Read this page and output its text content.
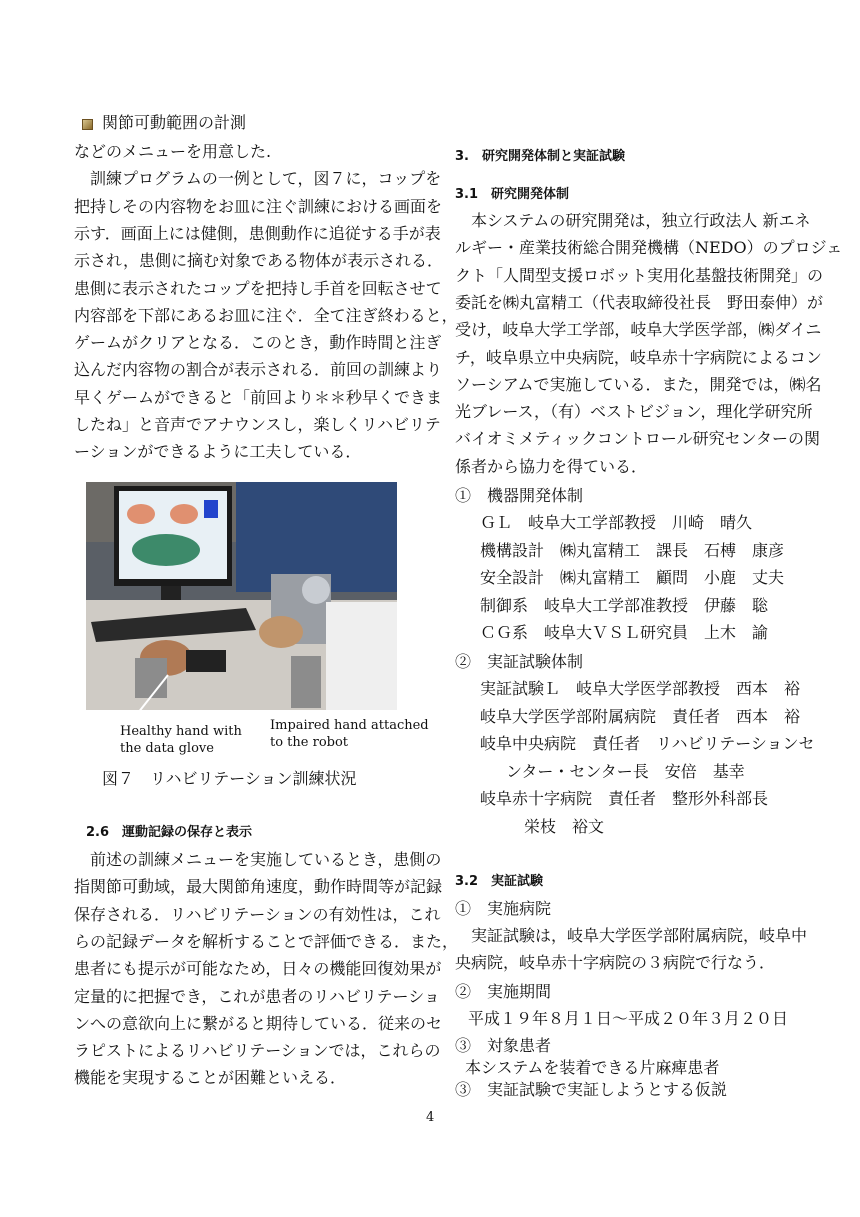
関節可動範囲の計測
などのメニューを用意した.
　訓練プログラムの一例として，図７に，コップを
把持しその内容物をお皿に注ぐ訓練における画面を
示す．画面上には健側，患側動作に追従する手が表
示され，患側に摘む対象である物体が表示される．
患側に表示されたコップを把持し手首を回転させて
内容部を下部にあるお皿に注ぐ．全て注ぎ終わると，
ゲームがクリアとなる．このとき，動作時間と注ぎ
込んだ内容物の割合が表示される．前回の訓練より
早くゲームができると「前回より＊＊秒早くできま
したね」と音声でアナウンスし，楽しくリハビリテ
ーションができるように工夫している．
Healthy hand with
the data glove
Impaired hand attached
to the robot
図７　リハビリテーション訓練状況
2.6　運動記録の保存と表示
　前述の訓練メニューを実施しているとき，患側の
指関節可動域，最大関節角速度，動作時間等が記録
保存される．リハビリテーションの有効性は，これ
らの記録データを解析することで評価できる．また，
患者にも提示が可能なため，日々の機能回復効果が
定量的に把握でき，これが患者のリハビリテーショ
ンへの意欲向上に繋がると期待している．従来のセ
ラピストによるリハビリテーションでは，これらの
機能を実現することが困難といえる．
3.　研究開発体制と実証試験
3.1　研究開発体制
　本システムの研究開発は，独立行政法人 新エネ
ルギー・産業技術総合開発機構（NEDO）のプロジェ
クト「人間型支援ロボット実用化基盤技術開発」の
委託を㈱丸富精工（代表取締役社長　野田泰伸）が
受け，岐阜大学工学部，岐阜大学医学部，㈱ダイニ
チ，岐阜県立中央病院，岐阜赤十字病院によるコン
ソーシアムで実施している．また，開発では，㈱名
光ブレース，（有）ベストビジョン，理化学研究所
バイオミメティックコントロール研究センターの関
係者から協力を得ている．
①　機器開発体制
ＧＬ　岐阜大工学部教授　川崎　晴久
機構設計　㈱丸富精工　課長　石榑　康彦
安全設計　㈱丸富精工　顧問　小鹿　丈夫
制御系　岐阜大工学部准教授　伊藤　聡
ＣＧ系　岐阜大ＶＳＬ研究員　上木　諭
②　実証試験体制
実証試験Ｌ　岐阜大学医学部教授　西本　裕
岐阜大学医学部附属病院　責任者　西本　裕
岐阜中央病院　責任者　リハビリテーションセ
ンター・センター長　安倍　基幸
岐阜赤十字病院　責任者　整形外科部長
栄枝　裕文
3.2　実証試験
①　実施病院
　実証試験は，岐阜大学医学部附属病院，岐阜中
央病院，岐阜赤十字病院の３病院で行なう．
②　実施期間
平成１９年８月１日～平成２０年３月２０日
③　対象患者
本システムを装着できる片麻痺患者
③　実証試験で実証しようとする仮説
4
